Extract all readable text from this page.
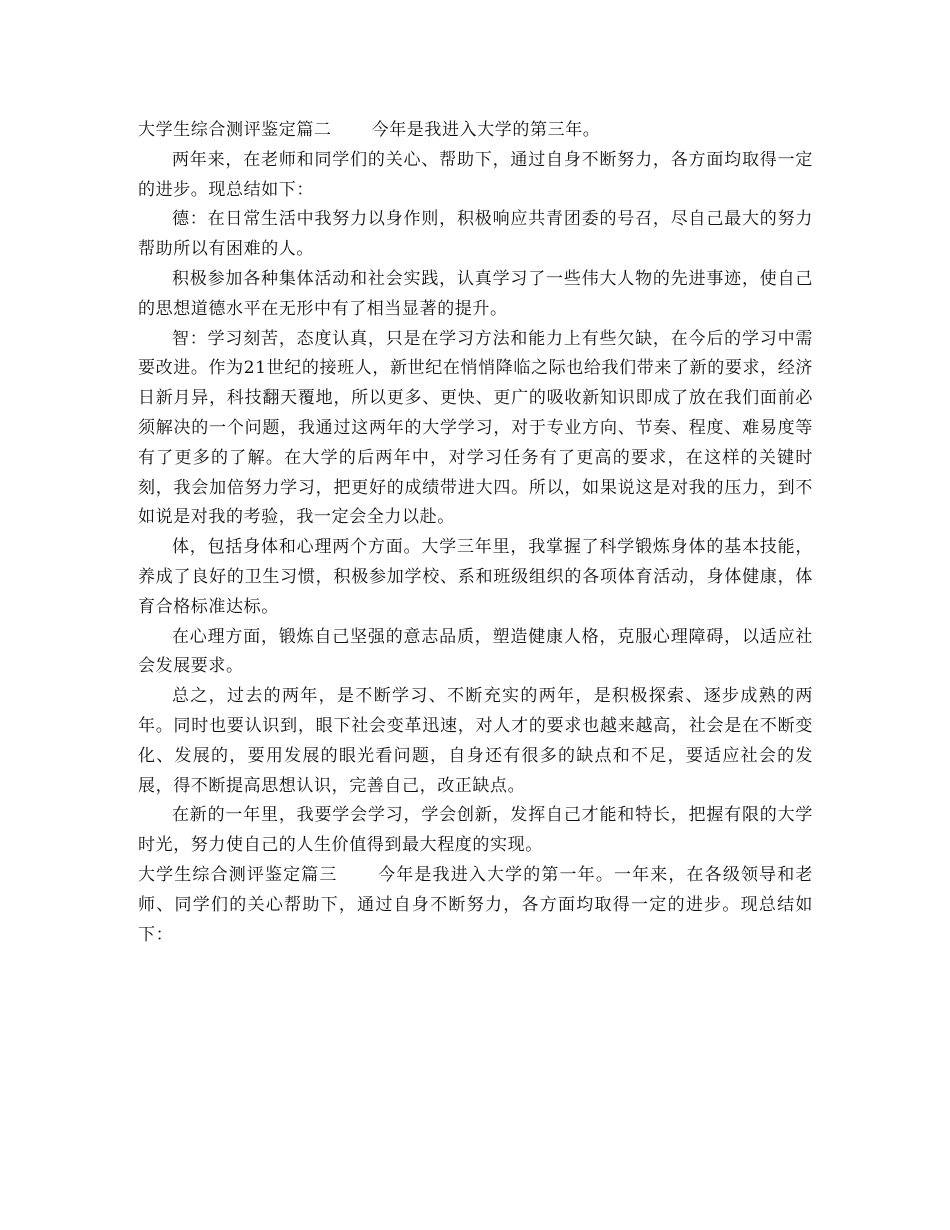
大学生综合测评鉴定篇二 今年是我进入大学的第三年。

两年来，在老师和同学们的关心、帮助下，通过自身不断努力，各方面均取得一定的进步。现总结如下：

德：在日常生活中我努力以身作则，积极响应共青团委的号召，尽自己最大的努力帮助所以有困难的人。

积极参加各种集体活动和社会实践，认真学习了一些伟大人物的先进事迹，使自己的思想道德水平在无形中有了相当显著的提升。

智：学习刻苦，态度认真，只是在学习方法和能力上有些欠缺，在今后的学习中需要改进。作为21世纪的接班人，新世纪在悄悄降临之际也给我们带来了新的要求，经济日新月异，科技翻天覆地，所以更多、更快、更广的吸收新知识即成了放在我们面前必须解决的一个问题，我通过这两年的大学学习，对于专业方向、节奏、程度、难易度等有了更多的了解。在大学的后两年中，对学习任务有了更高的要求，在这样的关键时刻，我会加倍努力学习，把更好的成绩带进大四。所以，如果说这是对我的压力，到不如说是对我的考验，我一定会全力以赴。

体，包括身体和心理两个方面。大学三年里，我掌握了科学锻炼身体的基本技能，养成了良好的卫生习惯，积极参加学校、系和班级组织的各项体育活动，身体健康，体育合格标准达标。

在心理方面，锻炼自己坚强的意志品质，塑造健康人格，克服心理障碍，以适应社会发展要求。

总之，过去的两年，是不断学习、不断充实的两年，是积极探索、逐步成熟的两年。同时也要认识到，眼下社会变革迅速，对人才的要求也越来越高，社会是在不断变化、发展的，要用发展的眼光看问题，自身还有很多的缺点和不足，要适应社会的发展，得不断提高思想认识，完善自己，改正缺点。

在新的一年里，我要学会学习，学会创新，发挥自己才能和特长，把握有限的大学时光，努力使自己的人生价值得到最大程度的实现。

大学生综合测评鉴定篇三 今年是我进入大学的第一年。一年来，在各级领导和老师、同学们的关心帮助下，通过自身不断努力，各方面均取得一定的进步。现总结如下：
